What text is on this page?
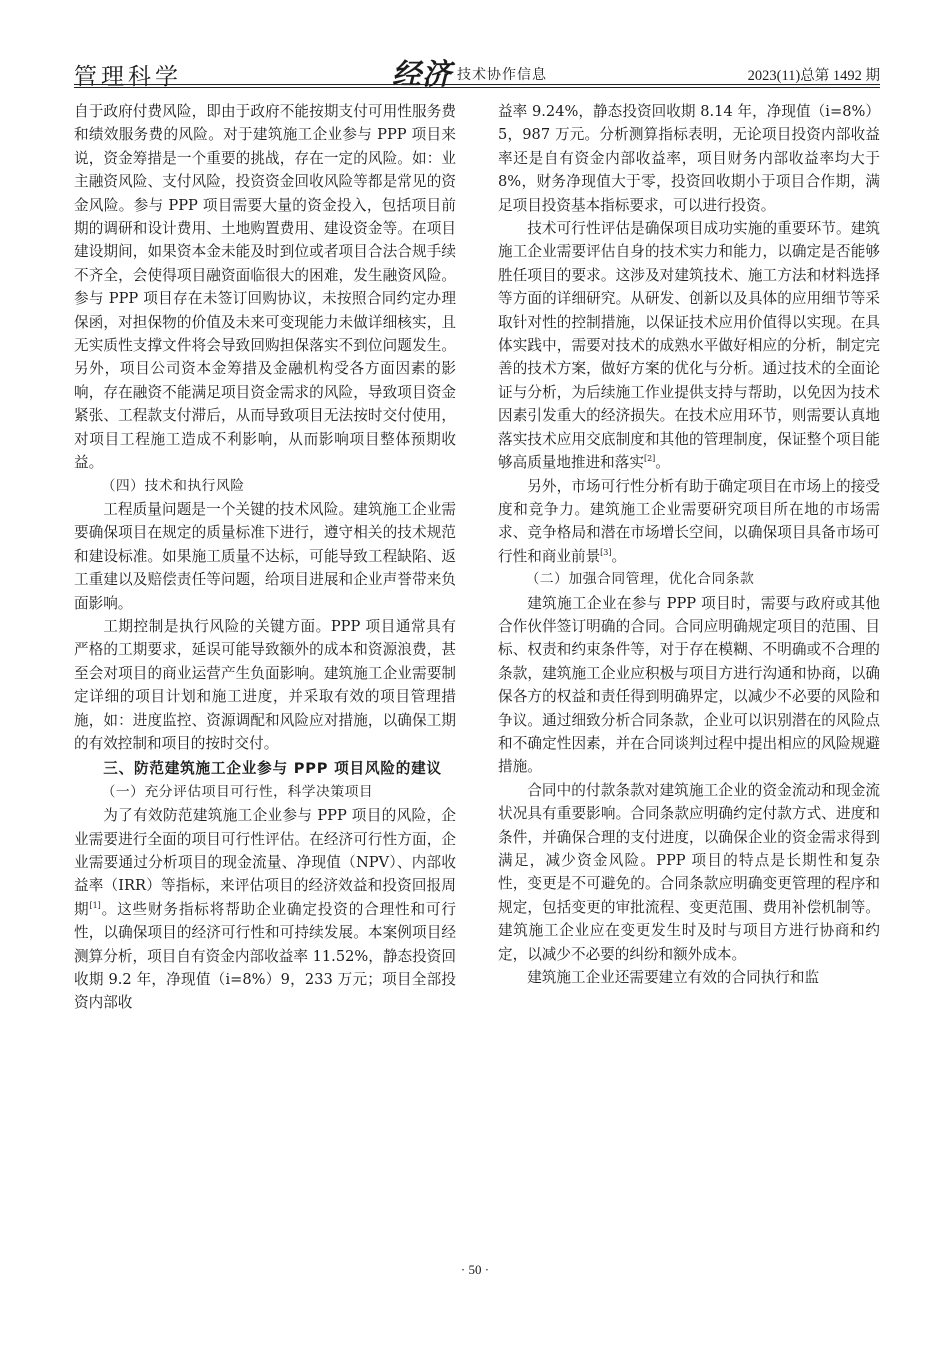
管理科学	经济 技术协作信息	2023(11)总第 1492 期

自于政府付费风险，即由于政府不能按期支付可用性服务费和绩效服务费的风险。对于建筑施工企业参与 PPP 项目来说，资金筹措是一个重要的挑战，存在一定的风险。如：业主融资风险、支付风险，投资资金回收风险等都是常见的资金风险。参与 PPP 项目需要大量的资金投入，包括项目前期的调研和设计费用、土地购置费用、建设资金等。在项目建设期间，如果资本金未能及时到位或者项目合法合规手续不齐全，会使得项目融资面临很大的困难，发生融资风险。参与 PPP 项目存在未签订回购协议，未按照合同约定办理保函，对担保物的价值及未来可变现能力未做详细核实，且无实质性支撑文件将会导致回购担保落实不到位问题发生。另外，项目公司资本金筹措及金融机构受各方面因素的影响，存在融资不能满足项目资金需求的风险，导致项目资金紧张、工程款支付滞后，从而导致项目无法按时交付使用，对项目工程施工造成不利影响，从而影响项目整体预期收益。

（四）技术和执行风险

工程质量问题是一个关键的技术风险。建筑施工企业需要确保项目在规定的质量标准下进行，遵守相关的技术规范和建设标准。如果施工质量不达标，可能导致工程缺陷、返工重建以及赔偿责任等问题，给项目进展和企业声誉带来负面影响。

工期控制是执行风险的关键方面。PPP 项目通常具有严格的工期要求，延误可能导致额外的成本和资源浪费，甚至会对项目的商业运营产生负面影响。建筑施工企业需要制定详细的项目计划和施工进度，并采取有效的项目管理措施，如：进度监控、资源调配和风险应对措施，以确保工期的有效控制和项目的按时交付。

三、防范建筑施工企业参与 PPP 项目风险的建议
（一）充分评估项目可行性，科学决策项目

为了有效防范建筑施工企业参与 PPP 项目的风险，企业需要进行全面的项目可行性评估。在经济可行性方面，企业需要通过分析项目的现金流量、净现值（NPV）、内部收益率（IRR）等指标，来评估项目的经济效益和投资回报周期[1]。这些财务指标将帮助企业确定投资的合理性和可行性，以确保项目的经济可行性和可持续发展。本案例项目经测算分析，项目自有资金内部收益率 11.52%，静态投资回收期 9.2 年，净现值（i=8%）9，233 万元；项目全部投资内部收

益率 9.24%，静态投资回收期 8.14 年，净现值（i=8%）5，987 万元。分析测算指标表明，无论项目投资内部收益率还是自有资金内部收益率，项目财务内部收益率均大于 8%，财务净现值大于零，投资回收期小于项目合作期，满足项目投资基本指标要求，可以进行投资。

技术可行性评估是确保项目成功实施的重要环节。建筑施工企业需要评估自身的技术实力和能力，以确定是否能够胜任项目的要求。这涉及对建筑技术、施工方法和材料选择等方面的详细研究。从研发、创新以及具体的应用细节等采取针对性的控制措施，以保证技术应用价值得以实现。在具体实践中，需要对技术的成熟水平做好相应的分析，制定完善的技术方案，做好方案的优化与分析。通过技术的全面论证与分析，为后续施工作业提供支持与帮助，以免因为技术因素引发重大的经济损失。在技术应用环节，则需要认真地落实技术应用交底制度和其他的管理制度，保证整个项目能够高质量地推进和落实[2]。

另外，市场可行性分析有助于确定项目在市场上的接受度和竞争力。建筑施工企业需要研究项目所在地的市场需求、竞争格局和潜在市场增长空间，以确保项目具备市场可行性和商业前景[3]。

（二）加强合同管理，优化合同条款

建筑施工企业在参与 PPP 项目时，需要与政府或其他合作伙伴签订明确的合同。合同应明确规定项目的范围、目标、权责和约束条件等，对于存在模糊、不明确或不合理的条款，建筑施工企业应积极与项目方进行沟通和协商，以确保各方的权益和责任得到明确界定，以减少不必要的风险和争议。通过细致分析合同条款，企业可以识别潜在的风险点和不确定性因素，并在合同谈判过程中提出相应的风险规避措施。

合同中的付款条款对建筑施工企业的资金流动和现金流状况具有重要影响。合同条款应明确约定付款方式、进度和条件，并确保合理的支付进度，以确保企业的资金需求得到满足，减少资金风险。PPP 项目的特点是长期性和复杂性，变更是不可避免的。合同条款应明确变更管理的程序和规定，包括变更的审批流程、变更范围、费用补偿机制等。建筑施工企业应在变更发生时及时与项目方进行协商和约定，以减少不必要的纠纷和额外成本。

建筑施工企业还需要建立有效的合同执行和监

· 50 ·
